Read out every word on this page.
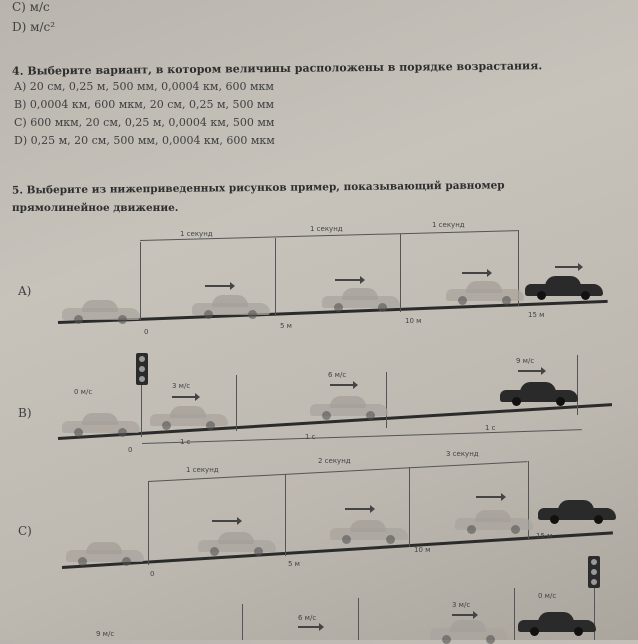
C) м/с
D) м/с²
4. Выберите вариант, в котором величины расположены в порядке возрастания.
A) 20 см, 0,25 м, 500 мм, 0,0004 км, 600 мкм
B) 0,0004 км, 600 мкм, 20 см, 0,25 м, 500 мм
C) 600 мкм, 20 см, 0,25 м, 0,0004 км, 500 мм
D) 0,25 м, 20 см, 500 мм, 0,0004 км, 600 мкм
5. Выберите из нижеприведенных рисунков пример, показывающий равномер
прямолинейное движение.
A)
1 секунд
1 секунд	1 секунд
0
5 м
10 м
15 м
B)
0 м/с
3 м/с
6 м/с
9 м/с
0
1 с
1 с
1 с
C)
1 секунд
2 секунд
3 секунд
0
5 м
10 м
15 м
9 м/с
6 м/с
3 м/с
0 м/с
